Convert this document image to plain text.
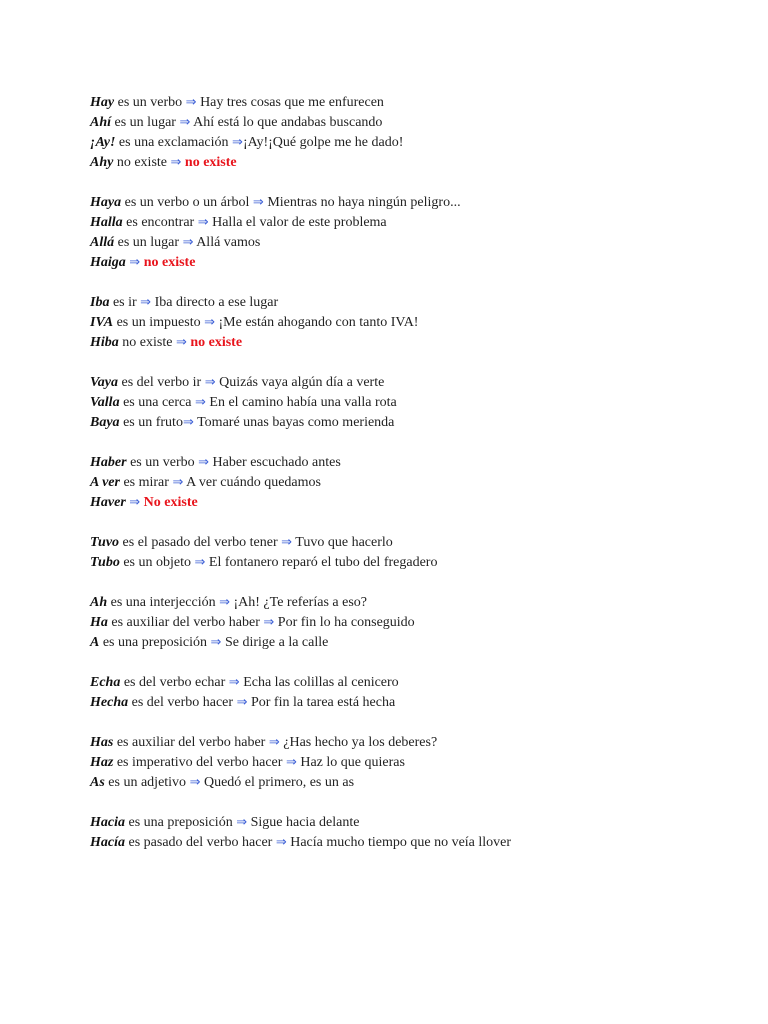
Hay es un verbo ⇒ Hay tres cosas que me enfurecen
Ahí es un lugar ⇒ Ahí está lo que andabas buscando
¡Ay! es una exclamación ⇒¡Ay!¡Qué golpe me he dado!
Ahy no existe ⇒ no existe
Haya es un verbo o un árbol ⇒ Mientras no haya ningún peligro...
Halla es encontrar ⇒ Halla el valor de este problema
Allá es un lugar ⇒ Allá vamos
Haiga ⇒ no existe
Iba es ir ⇒ Iba directo a ese lugar
IVA es un impuesto ⇒ ¡Me están ahogando con tanto IVA!
Hiba no existe ⇒ no existe
Vaya es del verbo ir ⇒ Quizás vaya algún día a verte
Valla es una cerca ⇒ En el camino había una valla rota
Baya es un fruto⇒ Tomaré unas bayas como merienda
Haber es un verbo ⇒ Haber escuchado antes
A ver es mirar ⇒ A ver cuándo quedamos
Haver ⇒ No existe
Tuvo es el pasado del verbo tener ⇒ Tuvo que hacerlo
Tubo es un objeto ⇒ El fontanero reparó el tubo del fregadero
Ah es una interjección ⇒ ¡Ah! ¿Te referías a eso?
Ha es auxiliar del verbo haber ⇒ Por fin lo ha conseguido
A es una preposición ⇒ Se dirige a la calle
Echa es del verbo echar ⇒ Echa las colillas al cenicero
Hecha es del verbo hacer ⇒ Por fin la tarea está hecha
Has es auxiliar del verbo haber ⇒ ¿Has hecho ya los deberes?
Haz es imperativo del verbo hacer ⇒ Haz lo que quieras
As es un adjetivo ⇒ Quedó el primero, es un as
Hacia es una preposición ⇒ Sigue hacia delante
Hacía es pasado del verbo hacer ⇒ Hacía mucho tiempo que no veía llover
